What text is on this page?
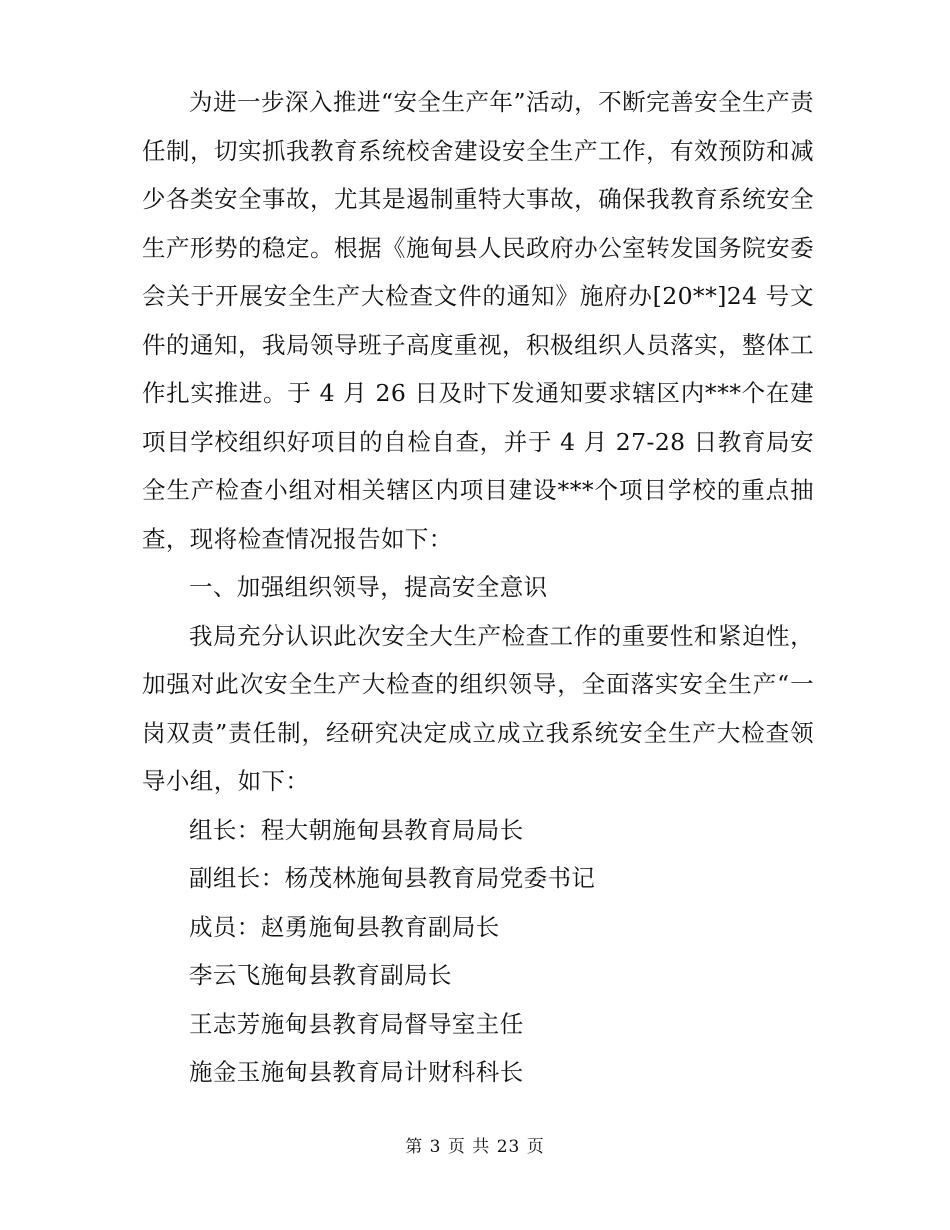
为进一步深入推进“安全生产年”活动，不断完善安全生产责任制，切实抓我教育系统校舍建设安全生产工作，有效预防和减少各类安全事故，尤其是遏制重特大事故，确保我教育系统安全生产形势的稳定。根据《施甸县人民政府办公室转发国务院安委会关于开展安全生产大检查文件的通知》施府办[20**]24 号文件的通知，我局领导班子高度重视，积极组织人员落实，整体工作扎实推进。于 4 月 26 日及时下发通知要求辖区内***个在建项目学校组织好项目的自检自查，并于 4 月 27-28 日教育局安全生产检查小组对相关辖区内项目建设***个项目学校的重点抽查，现将检查情况报告如下：

一、加强组织领导，提高安全意识

我局充分认识此次安全大生产检查工作的重要性和紧迫性，加强对此次安全生产大检查的组织领导，全面落实安全生产“一岗双责”责任制，经研究决定成立成立我系统安全生产大检查领导小组，如下：

组长：程大朝施甸县教育局局长

副组长：杨茂林施甸县教育局党委书记

成员：赵勇施甸县教育副局长

李云飞施甸县教育副局长

王志芳施甸县教育局督导室主任

施金玉施甸县教育局计财科科长

第 3 页 共 23 页
